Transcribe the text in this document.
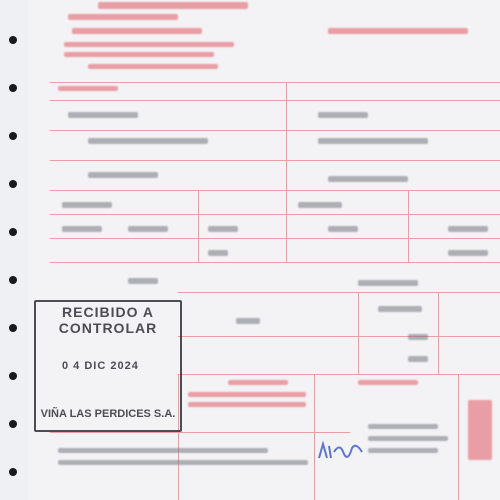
RECIBIDO A
CONTROLAR
0 4 DIC 2024
VIÑA LAS PERDICES S.A.
